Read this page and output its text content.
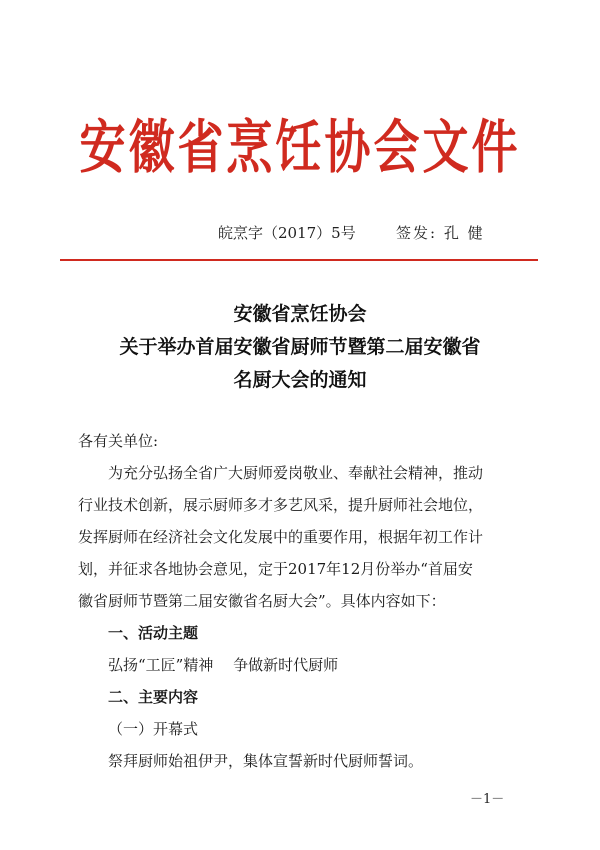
安徽省烹饪协会文件
皖烹字（2017）5号	签发: 孔 健
安徽省烹饪协会
关于举办首届安徽省厨师节暨第二届安徽省
名厨大会的通知
各有关单位:
为充分弘扬全省广大厨师爱岗敬业、奉献社会精神，推动
行业技术创新，展示厨师多才多艺风采，提升厨师社会地位，
发挥厨师在经济社会文化发展中的重要作用，根据年初工作计
划，并征求各地协会意见，定于2017年12月份举办“首届安
徽省厨师节暨第二届安徽省名厨大会”。具体内容如下：
一、活动主题
弘扬“工匠”精神　 争做新时代厨师
二、主要内容
（一）开幕式
祭拜厨师始祖伊尹，集体宣誓新时代厨师誓词。
－1－
